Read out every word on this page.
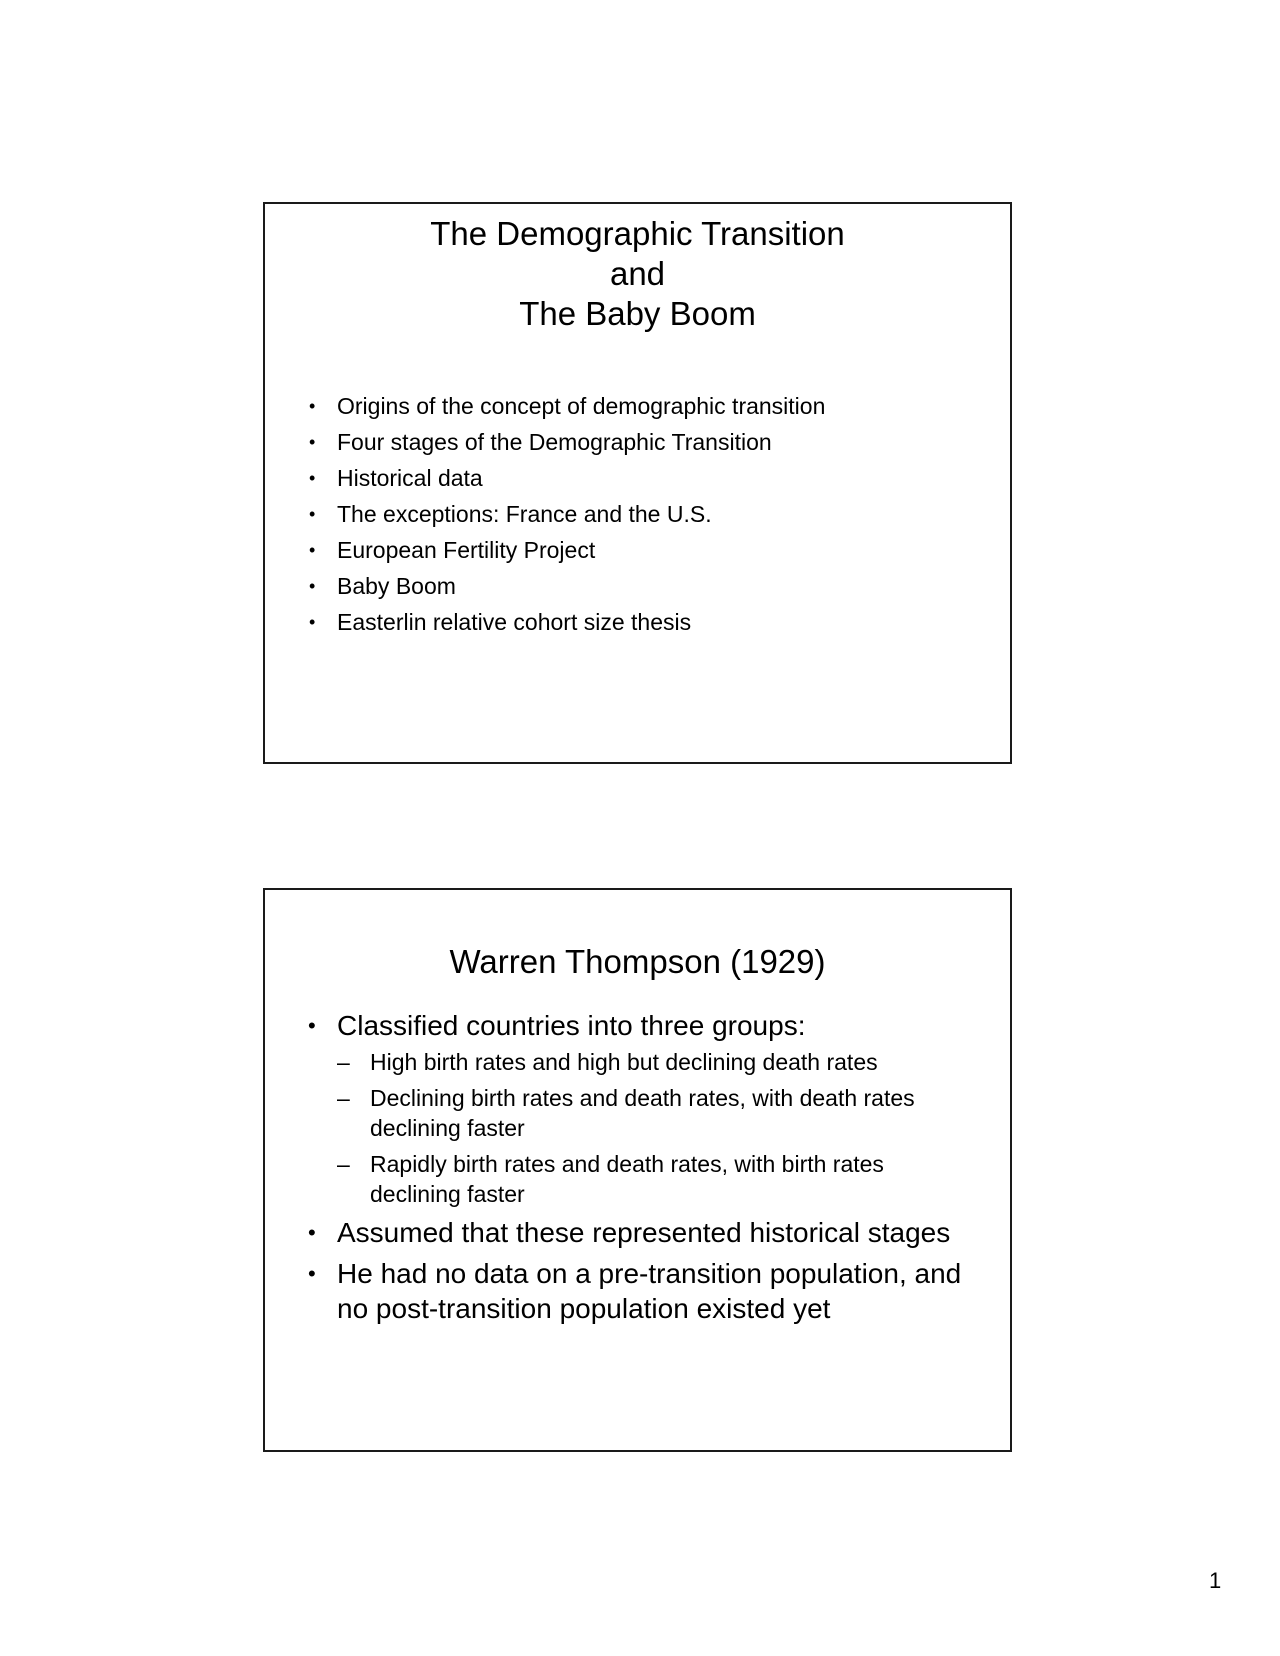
The Demographic Transition
and
The Baby Boom
• Origins of the concept of demographic transition
• Four stages of the Demographic Transition
• Historical data
• The exceptions: France and the U.S.
• European Fertility Project
• Baby Boom
• Easterlin relative cohort size thesis
Warren Thompson (1929)
• Classified countries into three groups:
– High birth rates and high but declining death rates
– Declining birth rates and death rates, with death rates declining faster
– Rapidly birth rates and death rates, with birth rates declining faster
• Assumed that these represented historical stages
• He had no data on a pre-transition population, and no post-transition population existed yet
1
